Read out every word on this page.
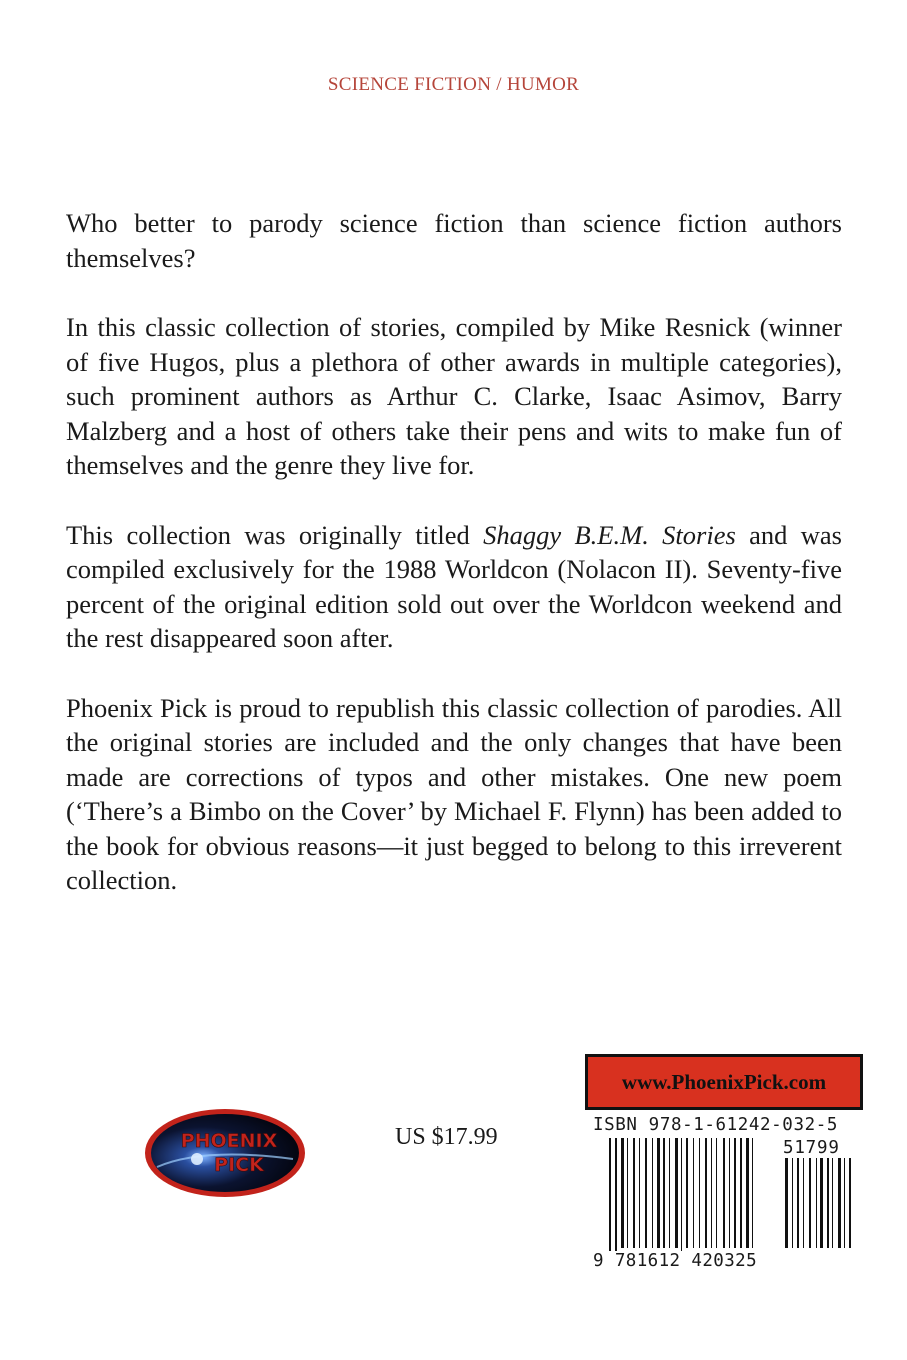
SCIENCE FICTION / HUMOR

Who better to parody science fiction than science fiction authors themselves?

In this classic collection of stories, compiled by Mike Resnick (winner of five Hugos, plus a plethora of other awards in multiple categories), such prominent authors as Arthur C. Clarke, Isaac Asimov, Barry Malzberg and a host of others take their pens and wits to make fun of themselves and the genre they live for.

This collection was originally titled Shaggy B.E.M. Stories and was compiled exclusively for the 1988 Worldcon (Nolacon II). Seventy-five percent of the original edition sold out over the Worldcon weekend and the rest disappeared soon after.

Phoenix Pick is proud to republish this classic collection of parodies. All the original stories are included and the only changes that have been made are corrections of typos and other mistakes. One new poem (‘There’s a Bimbo on the Cover’ by Michael F. Flynn) has been added to the book for obvious reasons—it just begged to belong to this irreverent collection.

PHOENIX
PICK
US $17.99
www.PhoenixPick.com
ISBN 978-1-61242-032-5
51799
9 781612 420325
